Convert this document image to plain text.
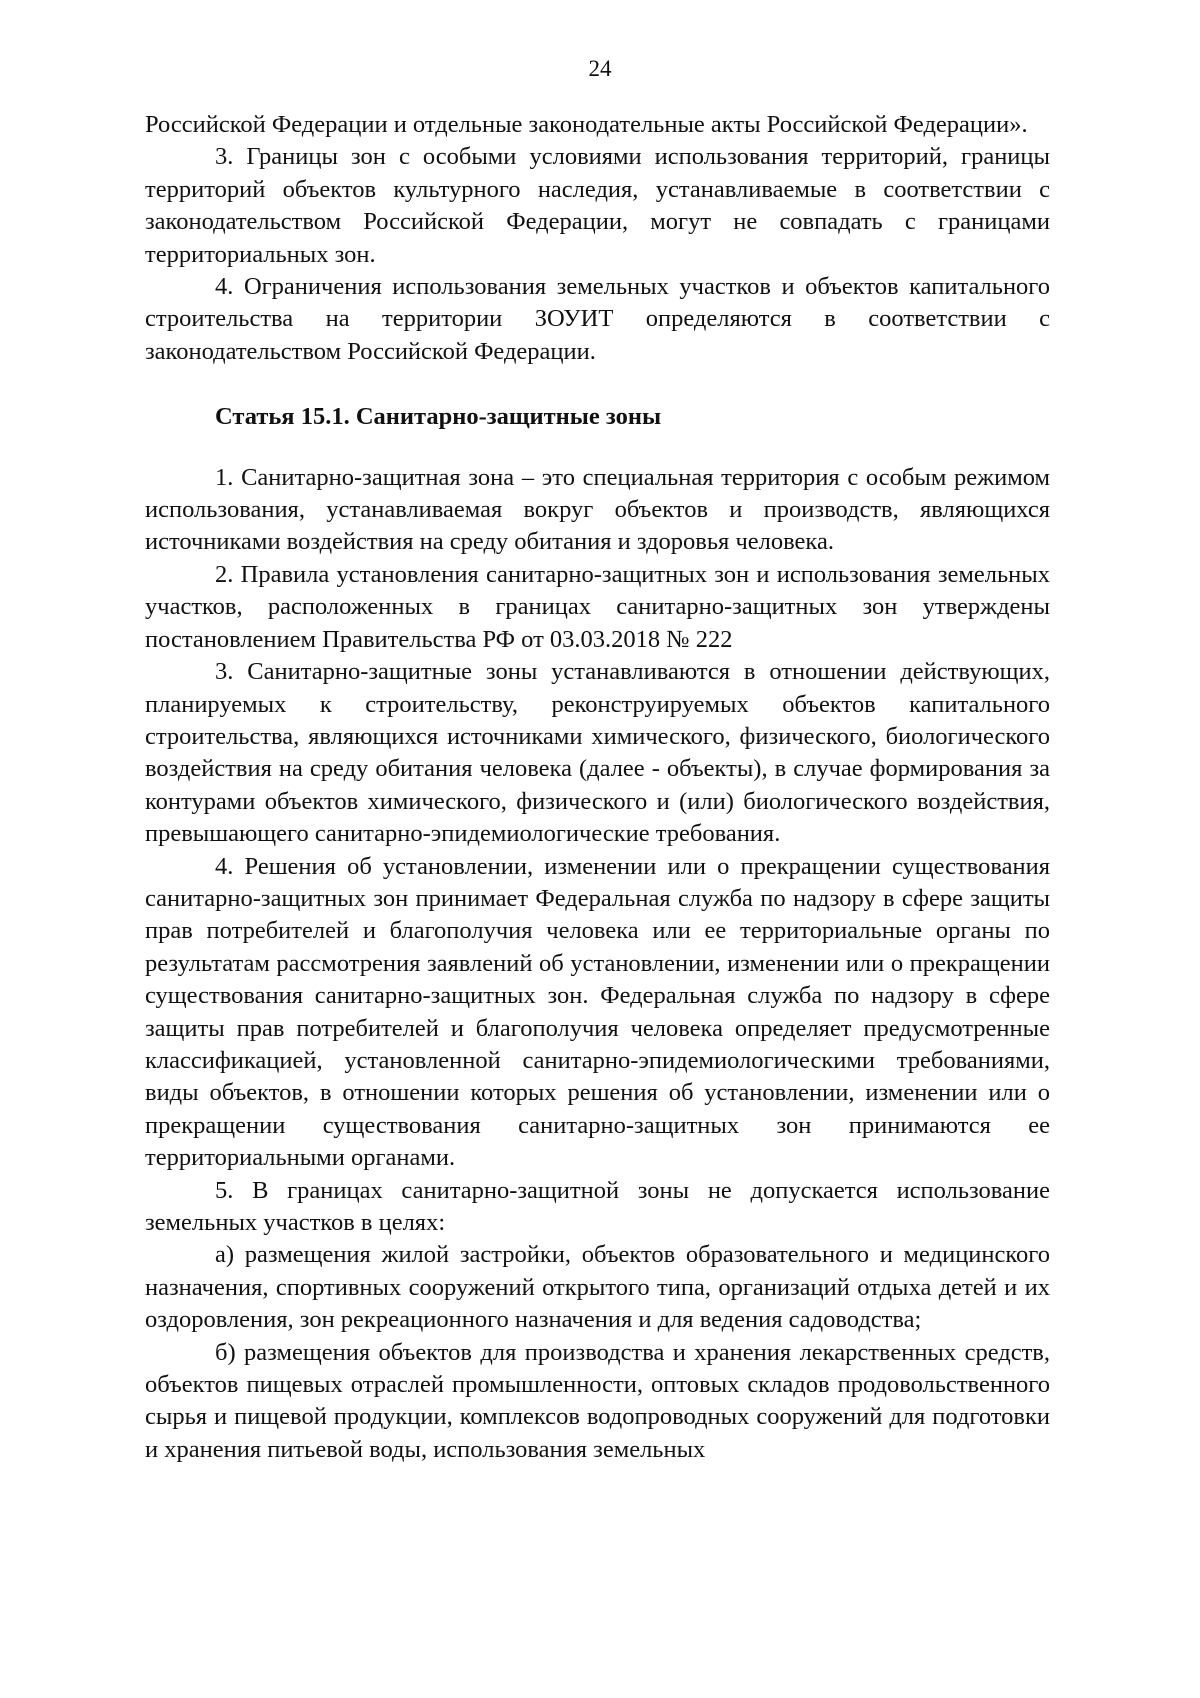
24

Российской Федерации и отдельные законодательные акты Российской Федерации».

3. Границы зон с особыми условиями использования территорий, границы территорий объектов культурного наследия, устанавливаемые в соответствии с законодательством Российской Федерации, могут не совпадать с границами территориальных зон.

4. Ограничения использования земельных участков и объектов капитального строительства на территории ЗОУИТ определяются в соответствии с законодательством Российской Федерации.

Статья 15.1. Санитарно-защитные зоны

1. Санитарно-защитная зона – это специальная территория с особым режимом использования, устанавливаемая вокруг объектов и производств, являющихся источниками воздействия на среду обитания и здоровья человека.

2. Правила установления санитарно-защитных зон и использования земельных участков, расположенных в границах санитарно-защитных зон утверждены постановлением Правительства РФ от 03.03.2018 № 222

3. Санитарно-защитные зоны устанавливаются в отношении действующих, планируемых к строительству, реконструируемых объектов капитального строительства, являющихся источниками химического, физического, биологического воздействия на среду обитания человека (далее - объекты), в случае формирования за контурами объектов химического, физического и (или) биологического воздействия, превышающего санитарно-эпидемиологические требования.

4. Решения об установлении, изменении или о прекращении существования санитарно-защитных зон принимает Федеральная служба по надзору в сфере защиты прав потребителей и благополучия человека или ее территориальные органы по результатам рассмотрения заявлений об установлении, изменении или о прекращении существования санитарно-защитных зон. Федеральная служба по надзору в сфере защиты прав потребителей и благополучия человека определяет предусмотренные классификацией, установленной санитарно-эпидемиологическими требованиями, виды объектов, в отношении которых решения об установлении, изменении или о прекращении существования санитарно-защитных зон принимаются ее территориальными органами.

5. В границах санитарно-защитной зоны не допускается использование земельных участков в целях:

а) размещения жилой застройки, объектов образовательного и медицинского назначения, спортивных сооружений открытого типа, организаций отдыха детей и их оздоровления, зон рекреационного назначения и для ведения садоводства;

б) размещения объектов для производства и хранения лекарственных средств, объектов пищевых отраслей промышленности, оптовых складов продовольственного сырья и пищевой продукции, комплексов водопроводных сооружений для подготовки и хранения питьевой воды, использования земельных
